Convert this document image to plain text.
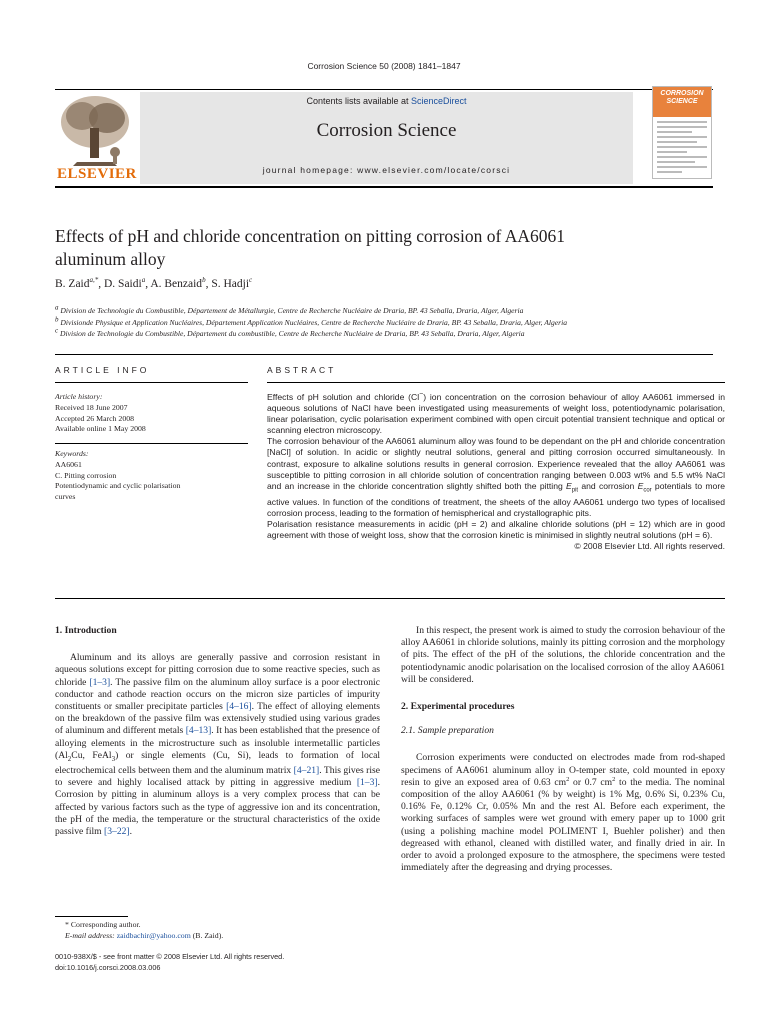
Corrosion Science 50 (2008) 1841–1847
ELSEVIER
Contents lists available at ScienceDirect
Corrosion Science
journal homepage: www.elsevier.com/locate/corsci
CORROSION
SCIENCE
Effects of pH and chloride concentration on pitting corrosion of AA6061
aluminum alloy
B. Zaid$^{a,*}$, D. Saidi$^a$, A. Benzaid$^b$, S. Hadji$^c$
$^a$ Division de Technologie du Combustible, Département de Métallurgie, Centre de Recherche Nucléaire de Draria, BP. 43 Seballa, Draria, Alger, Algeria
$^b$ Divisionde Physique et Application Nucléaires, Département Application Nucléaires, Centre de Recherche Nucléaire de Draria, BP. 43 Seballa, Draria, Alger, Algeria
$^c$ Division de Technologie du Combustible, Département du combustible, Centre de Recherche Nucléaire de Draria, BP. 43 Seballa, Draria, Alger, Algeria
ARTICLE INFO	ABSTRACT
Article history:
Received 18 June 2007
Accepted 26 March 2008
Available online 1 May 2008
Keywords:
AA6061
C. Pitting corrosion
Potentiodynamic and cyclic polarisation
curves

Effects of pH solution and chloride (Cl−) ion concentration on the corrosion behaviour of alloy AA6061 immersed in aqueous solutions of NaCl have been investigated using measurements of weight loss, potentiodynamic polarisation, linear polarisation, cyclic polarisation experiment combined with open circuit potential transient technique and optical or scanning electron microscopy.

The corrosion behaviour of the AA6061 aluminum alloy was found to be dependant on the pH and chloride concentration [NaCl] of solution. In acidic or slightly neutral solutions, general and pitting corrosion occurred simultaneously. In contrast, exposure to alkaline solutions results in general corrosion. Experience revealed that the alloy AA6061 was susceptible to pitting corrosion in all chloride solution of concentration ranging between 0.003 wt% and 5.5 wt% NaCl and an increase in the chloride concentration slightly shifted both the pitting $E_{pit}$ and corrosion $E_{cor}$ potentials to more active values. In function of the conditions of treatment, the sheets of the alloy AA6061 undergo two types of localised corrosion process, leading to the formation of hemispherical and crystallographic pits.

Polarisation resistance measurements in acidic (pH = 2) and alkaline chloride solutions (pH = 12) which are in good agreement with those of weight loss, show that the corrosion kinetic is minimised in slightly neutral solutions (pH = 6).

© 2008 Elsevier Ltd. All rights reserved.

1. Introduction

Aluminum and its alloys are generally passive and corrosion resistant in aqueous solutions except for pitting corrosion due to some reactive species, such as chloride [1–3]. The passive film on the aluminum alloy surface is a poor electronic conductor and cathode reaction occurs on the micron size particles of impurity constituents or smaller precipitate particles [4–16]. The effect of alloying elements on the breakdown of the passive film was extensively studied using various grades of aluminum and different metals [4–13]. It has been established that the presence of alloying elements in the microstructure such as insoluble intermetallic particles ($Al_2Cu$, FeAl$_3$) or single elements (Cu, Si), leads to formation of local electrochemical cells between them and the aluminum matrix [4–21]. This gives rise to severe and highly localised attack by pitting in aggressive medium [1–3]. Corrosion by pitting in aluminum alloys is a very complex process that can be affected by various factors such as the type of aggressive ion and its concentration, the pH of the media, the temperature or the structural characteristics of the oxide passive film [3–22].

In this respect, the present work is aimed to study the corrosion behaviour of the alloy AA6061 in chloride solutions, mainly its pitting corrosion and the morphology of pits. The effect of the pH of the solutions, the chloride concentration and the potentiodynamic anodic polarisation on the localised corrosion of the alloy AA6061 will be considered.

2. Experimental procedures
2.1. Sample preparation

Corrosion experiments were conducted on electrodes made from rod-shaped specimens of AA6061 aluminum alloy in O-temper state, cold mounted in epoxy resin to give an exposed area of 0.63 $cm^2$ or 0.7 $cm^2$ to the media. The nominal composition of the alloy AA6061 (% by weight) is 1% Mg, 0.6% Si, 0.23% Cu, 0.16% Fe, 0.12% Cr, 0.05% Mn and the rest Al. Before each experiment, the working surfaces of samples were wet ground with emery paper up to 1000 grit (using a polishing machine model POLIMENT I, Buehler polisher) and then degreased with ethanol, cleaned with distilled water, and finally dried in air. In order to avoid a prolonged exposure to the atmosphere, the specimens were tested immediately after the degreasing and drying processes.

* Corresponding author.
E-mail address: zaidbachir@yahoo.com (B. Zaid).
0010-938X/$ - see front matter © 2008 Elsevier Ltd. All rights reserved.
doi:10.1016/j.corsci.2008.03.006
